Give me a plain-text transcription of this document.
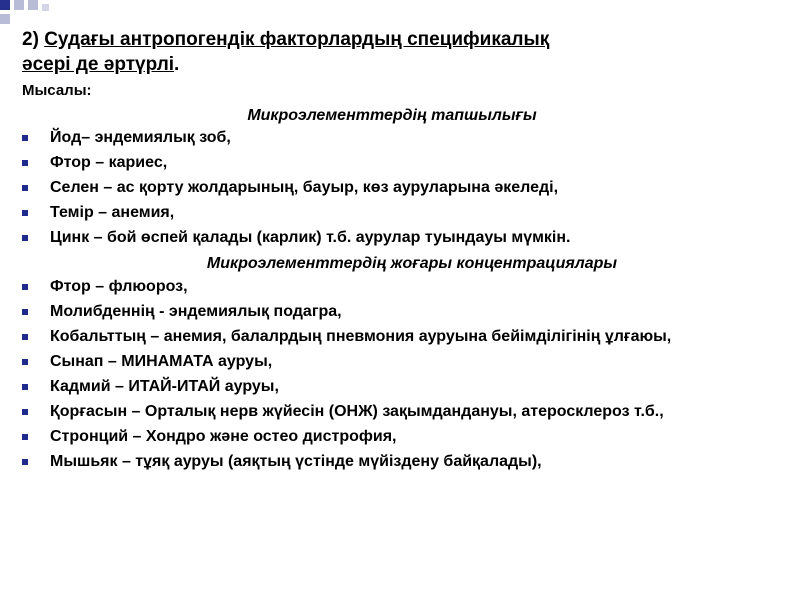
2) Судағы антропогендік факторлардың спецификалық
әсері де әртүрлі.
Мысалы:
Микроэлементтердің тапшылығы
Йод– эндемиялық зоб,
Фтор – кариес,
Селен – ас қорту жолдарының, бауыр, көз ауруларына әкеледі,
Темір – анемия,
Цинк – бой өспей қалады (карлик) т.б. аурулар туындауы мүмкін.
Микроэлементтердің жоғары концентрациялары
Фтор – флюороз,
Молибденнің - эндемиялық подагра,
Кобальттың – анемия, балалрдың пневмония ауруына бейімділігінің ұлғаюы,
Сынап – МИНАМАТА ауруы,
Кадмий – ИТАЙ-ИТАЙ ауруы,
Қорғасын – Орталық нерв жүйесін (ОНЖ) зақымдандануы, атеросклероз т.б.,
Стронций – Хондро және остео дистрофия,
Мышьяк – тұяқ ауруы (аяқтың үстінде мүйіздену байқалады),
